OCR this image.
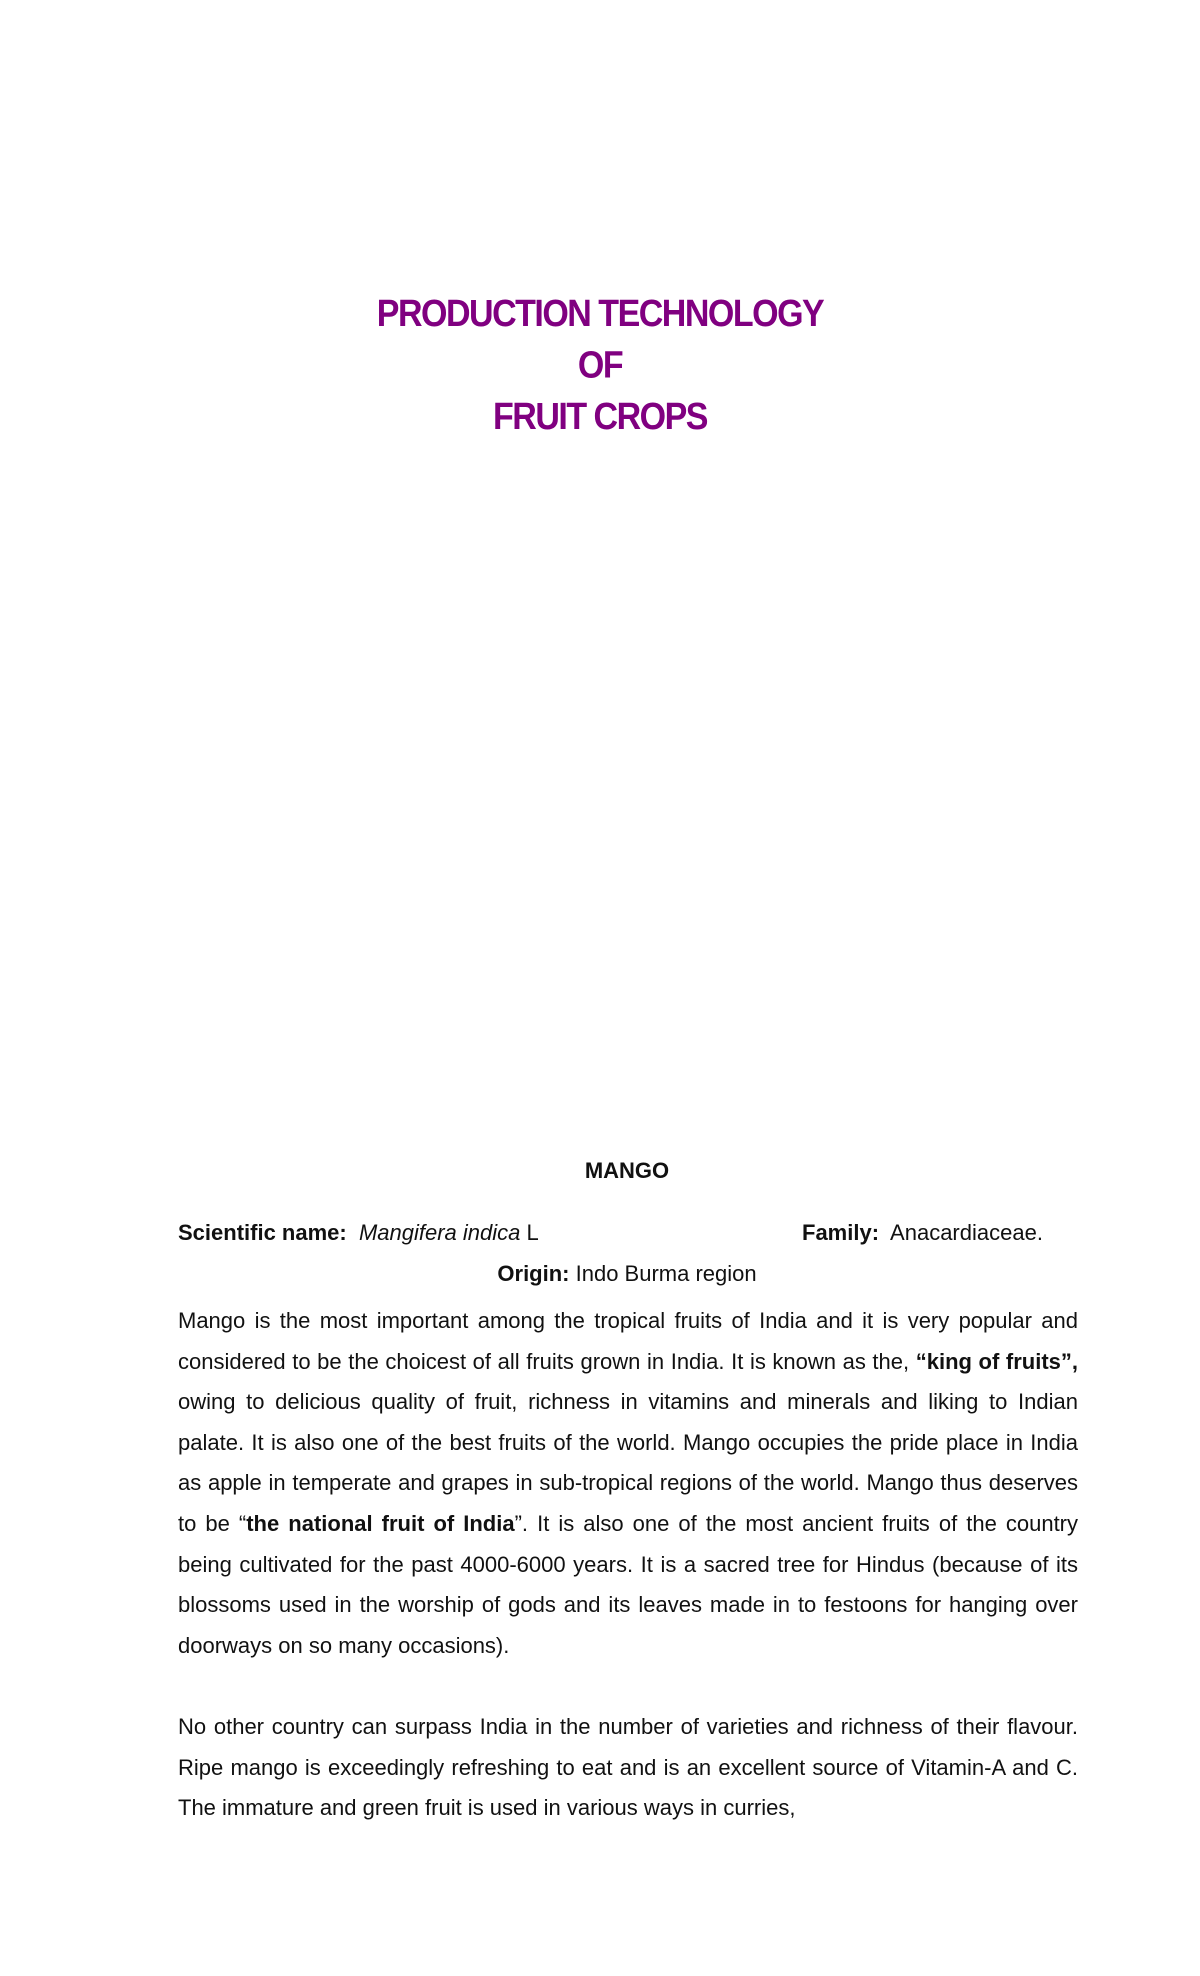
PRODUCTION TECHNOLOGY
OF
FRUIT CROPS
MANGO
Scientific name: Mangifera indica L	Family: Anacardiaceae.
Origin: Indo Burma region

Mango is the most important among the tropical fruits of India and it is very popular and considered to be the choicest of all fruits grown in India. It is known as the, “king of fruits”, owing to delicious quality of fruit, richness in vitamins and minerals and liking to Indian palate. It is also one of the best fruits of the world. Mango occupies the pride place in India as apple in temperate and grapes in sub-tropical regions of the world. Mango thus deserves to be “the national fruit of India”. It is also one of the most ancient fruits of the country being cultivated for the past 4000-6000 years. It is a sacred tree for Hindus (because of its blossoms used in the worship of gods and its leaves made in to festoons for hanging over doorways on so many occasions).

No other country can surpass India in the number of varieties and richness of their flavour. Ripe mango is exceedingly refreshing to eat and is an excellent source of Vitamin-A and C. The immature and green fruit is used in various ways in curries,
